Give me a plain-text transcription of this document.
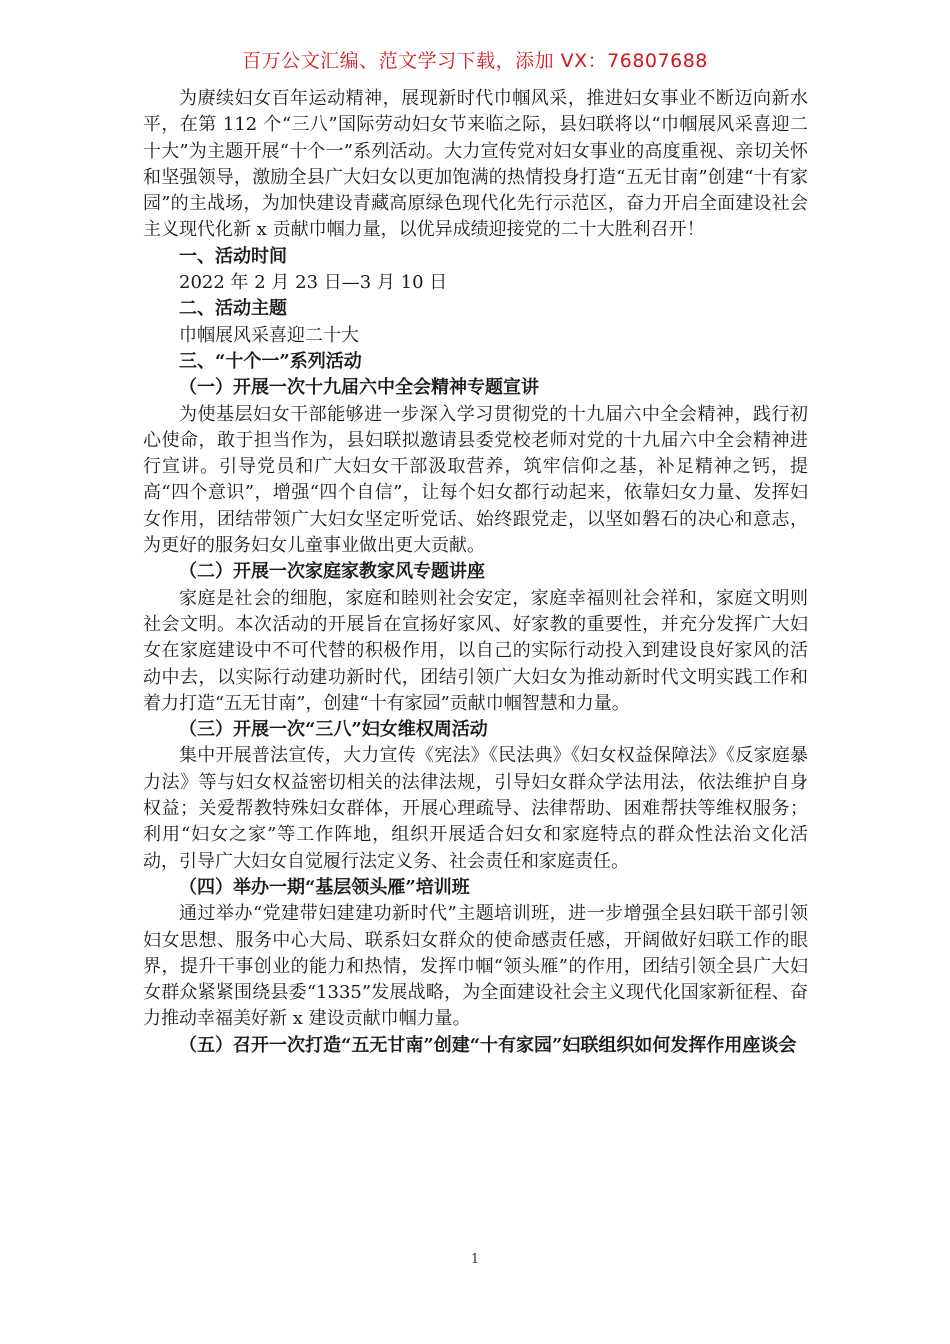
百万公文汇编、范文学习下载，添加 VX：76807688

为赓续妇女百年运动精神，展现新时代巾帼风采，推进妇女事业不断迈向新水平，在第 112 个“三八”国际劳动妇女节来临之际，县妇联将以“巾帼展风采喜迎二十大”为主题开展“十个一”系列活动。大力宣传党对妇女事业的高度重视、亲切关怀和坚强领导，激励全县广大妇女以更加饱满的热情投身打造“五无甘南”创建“十有家园”的主战场，为加快建设青藏高原绿色现代化先行示范区，奋力开启全面建设社会主义现代化新 x 贡献巾帼力量，以优异成绩迎接党的二十大胜利召开！

一、活动时间

2022 年 2 月 23 日—3 月 10 日

二、活动主题

巾帼展风采喜迎二十大

三、“十个一”系列活动

（一）开展一次十九届六中全会精神专题宣讲

为使基层妇女干部能够进一步深入学习贯彻党的十九届六中全会精神，践行初心使命，敢于担当作为，县妇联拟邀请县委党校老师对党的十九届六中全会精神进行宣讲。引导党员和广大妇女干部汲取营养，筑牢信仰之基，补足精神之钙，提高“四个意识”，增强“四个自信”，让每个妇女都行动起来，依靠妇女力量、发挥妇女作用，团结带领广大妇女坚定听党话、始终跟党走，以坚如磐石的决心和意志，为更好的服务妇女儿童事业做出更大贡献。

（二）开展一次家庭家教家风专题讲座

家庭是社会的细胞，家庭和睦则社会安定，家庭幸福则社会祥和，家庭文明则社会文明。本次活动的开展旨在宣扬好家风、好家教的重要性，并充分发挥广大妇女在家庭建设中不可代替的积极作用，以自己的实际行动投入到建设良好家风的活动中去，以实际行动建功新时代，团结引领广大妇女为推动新时代文明实践工作和着力打造“五无甘南”，创建“十有家园”贡献巾帼智慧和力量。

（三）开展一次“三八”妇女维权周活动

集中开展普法宣传，大力宣传《宪法》《民法典》《妇女权益保障法》《反家庭暴力法》等与妇女权益密切相关的法律法规，引导妇女群众学法用法，依法维护自身权益；关爱帮教特殊妇女群体，开展心理疏导、法律帮助、困难帮扶等维权服务；利用“妇女之家”等工作阵地，组织开展适合妇女和家庭特点的群众性法治文化活动，引导广大妇女自觉履行法定义务、社会责任和家庭责任。

（四）举办一期“基层领头雁”培训班

通过举办“党建带妇建建功新时代”主题培训班，进一步增强全县妇联干部引领妇女思想、服务中心大局、联系妇女群众的使命感责任感，开阔做好妇联工作的眼界，提升干事创业的能力和热情，发挥巾帼“领头雁”的作用，团结引领全县广大妇女群众紧紧围绕县委“1335”发展战略，为全面建设社会主义现代化国家新征程、奋力推动幸福美好新 x 建设贡献巾帼力量。

（五）召开一次打造“五无甘南”创建“十有家园”妇联组织如何发挥作用座谈会

1
